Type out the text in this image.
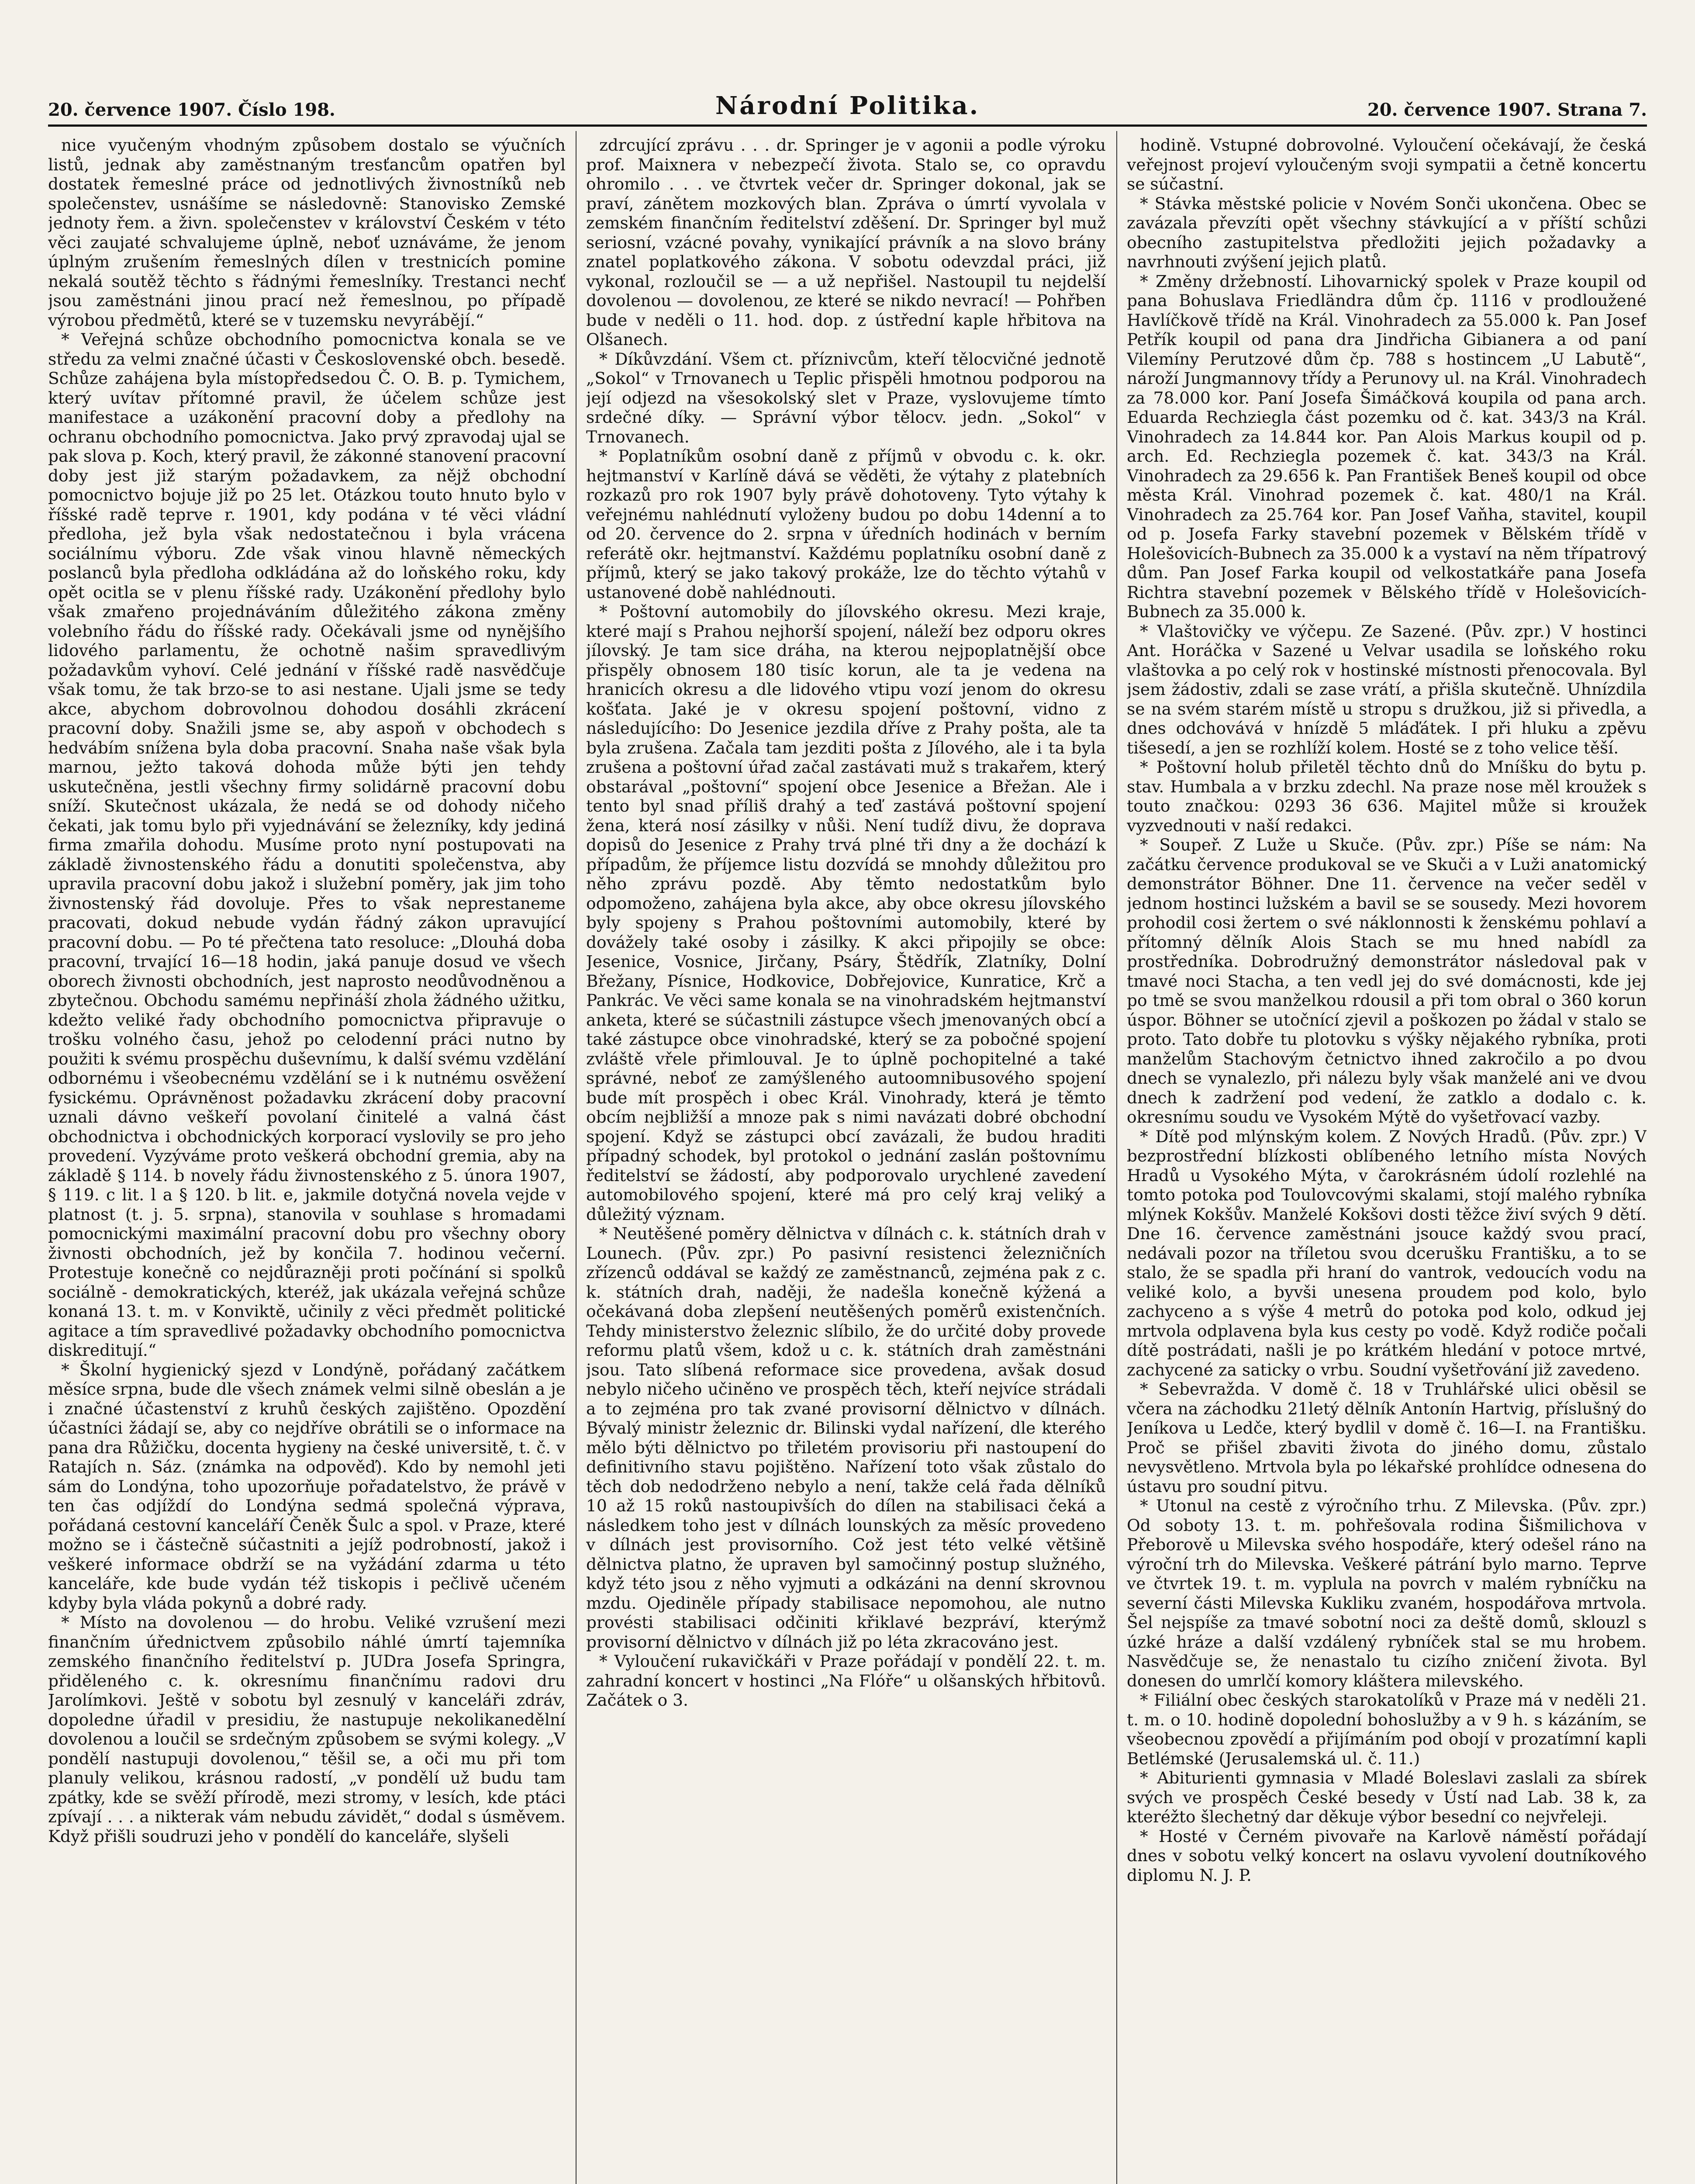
20. července 1907. Číslo 198.	Národní Politika.	20. července 1907. Strana 7.

nice vyučeným vhodným způsobem dostalo se výučních listů, jednak aby zaměstnaným tresťancům opatřen byl dostatek řemeslné práce od jednotlivých živnostníků neb společenstev, usnášíme se následovně: Stanovisko Zemské jednoty řem. a živn. společenstev v království Českém v této věci zaujaté schvalujeme úplně, neboť uznáváme, že jenom úplným zrušením řemeslných dílen v trestnicích pomine nekalá soutěž těchto s řádnými řemeslníky. Trestanci nechť jsou zaměstnáni jinou prací než řemeslnou, po případě výrobou předmětů, které se v tuzemsku nevyrábějí.“

* Veřejná schůze obchodního pomocnictva konala se ve středu za velmi značné účasti v Československé obch. besedě. Schůze zahájena byla místopředsedou Č. O. B. p. Tymichem, který uvítav přítomné pravil, že účelem schůze jest manifestace a uzákonění pracovní doby a předlohy na ochranu obchodního pomocnictva. Jako prvý zpravodaj ujal se pak slova p. Koch, který pravil, že zákonné stanovení pracovní doby jest již starým požadavkem, za nějž obchodní pomocnictvo bojuje již po 25 let. Otázkou touto hnuto bylo v říšské radě teprve r. 1901, kdy podána v té věci vládní předloha, jež byla však nedostatečnou i byla vrácena sociálnímu výboru. Zde však vinou hlavně německých poslanců byla předloha odkládána až do loňského roku, kdy opět ocitla se v plenu říšské rady. Uzákonění předlohy bylo však zmařeno projednáváním důležitého zákona změny volebního řádu do říšské rady. Očekávali jsme od nynějšího lidového parlamentu, že ochotně našim spravedlivým požadavkům vyhoví. Celé jednání v říšské radě nasvědčuje však tomu, že tak brzo-se to asi nestane. Ujali jsme se tedy akce, abychom dobrovolnou dohodou dosáhli zkrácení pracovní doby. Snažili jsme se, aby aspoň v obchodech s hedvábím snížena byla doba pracovní. Snaha naše však byla marnou, ježto taková dohoda může býti jen tehdy uskutečněna, jestli všechny firmy solidárně pracovní dobu sníží. Skutečnost ukázala, že nedá se od dohody ničeho čekati, jak tomu bylo při vyjednávání se železníky, kdy jediná firma zmařila dohodu. Musíme proto nyní postupovati na základě živnostenského řádu a donutiti společenstva, aby upravila pracovní dobu jakož i služební poměry, jak jim toho živnostenský řád dovoluje. Přes to však neprestaneme pracovati, dokud nebude vydán řádný zákon upravující pracovní dobu. — Po té přečtena tato resoluce: „Dlouhá doba pracovní, trvající 16—18 hodin, jaká panuje dosud ve všech oborech živnosti obchodních, jest naprosto neodůvodněnou a zbytečnou. Obchodu samému nepřináší zhola žádného užitku, kdežto veliké řady obchodního pomocnictva připravuje o trošku volného času, jehož po celodenní práci nutno by použiti k svému prospěchu duševnímu, k další svému vzdělání odbornému i všeobecnému vzdělání se i k nutnému osvěžení fysickému. Oprávněnost požadavku zkrácení doby pracovní uznali dávno veškeří povolaní činitelé a valná část obchodnictva i obchodnických korporací vyslovily se pro jeho provedení. Vyzýváme proto veškerá obchodní gremia, aby na základě § 114. b novely řádu živnostenského z 5. února 1907, § 119. c lit. l a § 120. b lit. e, jakmile dotyčná novela vejde v platnost (t. j. 5. srpna), stanovila v souhlase s hromadami pomocnickými maximální pracovní dobu pro všechny obory živnosti obchodních, jež by končila 7. hodinou večerní. Protestuje konečně co nejdůrazněji proti počínání si spolků sociálně - demokratických, kteréž, jak ukázala veřejná schůze konaná 13. t. m. v Konviktě, učinily z věci předmět politické agitace a tím spravedlivé požadavky obchodního pomocnictva diskreditují.“

* Školní hygienický sjezd v Londýně, pořádaný začátkem měsíce srpna, bude dle všech známek velmi silně obeslán a je i značné účastenství z kruhů českých zajištěno. Opozdění účastníci žádají se, aby co nejdříve obrátili se o informace na pana dra Růžičku, docenta hygieny na české universitě, t. č. v Ratajích n. Sáz. (známka na odpověď). Kdo by nemohl jeti sám do Londýna, toho upozorňuje pořadatelstvo, že právě v ten čas odjíždí do Londýna sedmá společná výprava, pořádaná cestovní kanceláří Čeněk Šulc a spol. v Praze, které možno se i částečně súčastniti a jejíž podrobností, jakož i veškeré informace obdrží se na vyžádání zdarma u této kanceláře, kde bude vydán též tiskopis i pečlivě učeném kdyby byla vláda pokynů a dobré rady.

* Místo na dovolenou — do hrobu. Veliké vzrušení mezi finančním úřednictvem způsobilo náhlé úmrtí tajemníka zemského finančního ředitelství p. JUDra Josefa Springra, přiděleného c. k. okresnímu finančnímu radovi dru Jarolímkovi. Ještě v sobotu byl zesnulý v kanceláři zdráv, dopoledne úřadil v presidiu, že nastupuje nekolikanedělní dovolenou a loučil se srdečným způsobem se svými kolegy. „V pondělí nastupuji dovolenou,“ těšil se, a oči mu při tom planuly velikou, krásnou radostí, „v pondělí už budu tam zpátky, kde se svěží přírodě, mezi stromy, v lesích, kde ptáci zpívají . . . a nikterak vám nebudu závidět,“ dodal s úsměvem. Když přišli soudruzi jeho v pondělí do kanceláře, slyšeli

zdrcující zprávu . . . dr. Springer je v agonii a podle výroku prof. Maixnera v nebezpečí života. Stalo se, co opravdu ohromilo . . . ve čtvrtek večer dr. Springer dokonal, jak se praví, zánětem mozkových blan. Zpráva o úmrtí vyvolala v zemském finančním ředitelství zděšení. Dr. Springer byl muž seriosní, vzácné povahy, vynikající právník a na slovo brány znatel poplatkového zákona. V sobotu odevzdal práci, již vykonal, rozloučil se — a už nepřišel. Nastoupil tu nejdelší dovolenou — dovolenou, ze které se nikdo nevrací! — Pohřben bude v neděli o 11. hod. dop. z ústřední kaple hřbitova na Olšanech.

* Díkůvzdání. Všem ct. příznivcům, kteří tělocvičné jednotě „Sokol“ v Trnovanech u Teplic přispěli hmotnou podporou na její odjezd na všesokolský slet v Praze, vyslovujeme tímto srdečné díky. — Správní výbor tělocv. jedn. „Sokol“ v Trnovanech.

* Poplatníkům osobní daně z příjmů v obvodu c. k. okr. hejtmanství v Karlíně dává se věděti, že výtahy z platebních rozkazů pro rok 1907 byly právě dohotoveny. Tyto výtahy k veřejnému nahlédnutí vyloženy budou po dobu 14denní a to od 20. července do 2. srpna v úředních hodinách v berním referátě okr. hejtmanství. Každému poplatníku osobní daně z příjmů, který se jako takový prokáže, lze do těchto výtahů v ustanovené době nahlédnouti.

* Poštovní automobily do jílovského okresu. Mezi kraje, které mají s Prahou nejhorší spojení, náleží bez odporu okres jílovský. Je tam sice dráha, na kterou nejpoplatnější obce přispěly obnosem 180 tisíc korun, ale ta je vedena na hranicích okresu a dle lidového vtipu vozí jenom do okresu košťata. Jaké je v okresu spojení poštovní, vidno z následujícího: Do Jesenice jezdila dříve z Prahy pošta, ale ta byla zrušena. Začala tam jezditi pošta z Jílového, ale i ta byla zrušena a poštovní úřad začal zastávati muž s trakařem, který obstarával „poštovní“ spojení obce Jesenice a Břežan. Ale i tento byl snad příliš drahý a teď zastává poštovní spojení žena, která nosí zásilky v nůši. Není tudíž divu, že doprava dopisů do Jesenice z Prahy trvá plné tři dny a že dochází k případům, že příjemce listu dozvídá se mnohdy důležitou pro něho zprávu pozdě. Aby těmto nedostatkům bylo odpomoženo, zahájena byla akce, aby obce okresu jílovského byly spojeny s Prahou poštovními automobily, které by dovážely také osoby i zásilky. K akci připojily se obce: Jesenice, Vosnice, Jirčany, Psáry, Štědřík, Zlatníky, Dolní Břežany, Písnice, Hodkovice, Dobřejovice, Kunratice, Krč a Pankrác. Ve věci same konala se na vinohradském hejtmanství anketa, které se súčastnili zástupce všech jmenovaných obcí a také zástupce obce vinohradské, který se za pobočné spojení zvláště vřele přimlouval. Je to úplně pochopitelné a také správné, neboť ze zamýšleného autoomnibusového spojení bude mít prospěch i obec Král. Vinohrady, která je těmto obcím nejbližší a mnoze pak s nimi navázati dobré obchodní spojení. Když se zástupci obcí zavázali, že budou hraditi případný schodek, byl protokol o jednání zaslán poštovnímu ředitelství se žádostí, aby podporovalo urychlené zavedení automobilového spojení, které má pro celý kraj veliký a důležitý význam.

* Neutěšené poměry dělnictva v dílnách c. k. státních drah v Lounech. (Pův. zpr.) Po pasivní resistenci železničních zřízenců oddával se každý ze zaměstnanců, zejména pak z c. k. státních drah, naději, že nadešla konečně kýžená a očekávaná doba zlepšení neutěšených poměrů existenčních. Tehdy ministerstvo železnic slíbilo, že do určité doby provede reformu platů všem, kdož u c. k. státních drah zaměstnáni jsou. Tato slíbená reformace sice provedena, avšak dosud nebylo ničeho učiněno ve prospěch těch, kteří nejvíce strádali a to zejména pro tak zvané provisorní dělnictvo v dílnách. Bývalý ministr železnic dr. Bilinski vydal nařízení, dle kterého mělo býti dělnictvo po třiletém provisoriu při nastoupení do definitivního stavu pojištěno. Nařízení toto však zůstalo do těch dob nedodrženo nebylo a není, takže celá řada dělníků 10 až 15 roků nastoupivších do dílen na stabilisaci čeká a následkem toho jest v dílnách lounských za měsíc provedeno v dílnách jest provisorního. Což jest této velké většině dělnictva platno, že upraven byl samočinný postup služného, když této jsou z něho vyjmuti a odkázáni na denní skrovnou mzdu. Ojediněle případy stabilisace nepomohou, ale nutno provésti stabilisaci odčiniti křiklavé bezpráví, kterýmž provisorní dělnictvo v dílnách již po léta zkracováno jest.

* Vyloučení rukavičkáři v Praze pořádají v pondělí 22. t. m. zahradní koncert v hostinci „Na Flóře“ u olšanských hřbitovů. Začátek o 3.

hodině. Vstupné dobrovolné. Vyloučení očekávají, že česká veřejnost projeví vyloučeným svoji sympatii a četně koncertu se súčastní.

* Stávka městské policie v Novém Sonči ukončena. Obec se zavázala převzíti opět všechny stávkující a v příští schůzi obecního zastupitelstva předložiti jejich požadavky a navrhnouti zvýšení jejich platů.

* Změny držebností. Lihovarnický spolek v Praze koupil od pana Bohuslava Friedländra dům čp. 1116 v prodloužené Havlíčkově třídě na Král. Vinohradech za 55.000 k. Pan Josef Petřík koupil od pana dra Jindřicha Gibianera a od paní Vilemíny Perutzové dům čp. 788 s hostincem „U Labutě“, nároží Jungmannovy třídy a Perunovy ul. na Král. Vinohradech za 78.000 kor. Paní Josefa Šimáčková koupila od pana arch. Eduarda Rechziegla část pozemku od č. kat. 343/3 na Král. Vinohradech za 14.844 kor. Pan Alois Markus koupil od p. arch. Ed. Rechziegla pozemek č. kat. 343/3 na Král. Vinohradech za 29.656 k. Pan František Beneš koupil od obce města Král. Vinohrad pozemek č. kat. 480/1 na Král. Vinohradech za 25.764 kor. Pan Josef Vaňha, stavitel, koupil od p. Josefa Farky stavební pozemek v Bělském třídě v Holešovicích-Bubnech za 35.000 k a vystaví na něm třípatrový dům. Pan Josef Farka koupil od velkostatkáře pana Josefa Richtra stavební pozemek v Bělského třídě v Holešovicích-Bubnech za 35.000 k.

* Vlaštovičky ve výčepu. Ze Sazené. (Pův. zpr.) V hostinci Ant. Horáčka v Sazené u Velvar usadila se loňského roku vlaštovka a po celý rok v hostinské místnosti přenocovala. Byl jsem žádostiv, zdali se zase vrátí, a přišla skutečně. Uhnízdila se na svém starém místě u stropu s družkou, již si přivedla, a dnes odchovává v hnízdě 5 mláďátek. I při hluku a zpěvu tišesedí, a jen se rozhlíží kolem. Hosté se z toho velice těší.

* Poštovní holub přiletěl těchto dnů do Mníšku do bytu p. stav. Humbala a v brzku zdechl. Na praze nose měl kroužek s touto značkou: 0293 36 636. Majitel může si kroužek vyzvednouti v naší redakci.

* Soupeř. Z Luže u Skuče. (Pův. zpr.) Píše se nám: Na začátku července produkoval se ve Skuči a v Luži anatomický demonstrátor Böhner. Dne 11. července na večer seděl v jednom hostinci lužském a bavil se se sousedy. Mezi hovorem prohodil cosi žertem o své náklonnosti k ženskému pohlaví a přítomný dělník Alois Stach se mu hned nabídl za prostředníka. Dobrodružný demonstrátor následoval pak v tmavé noci Stacha, a ten vedl jej do své domácnosti, kde jej po tmě se svou manželkou rdousil a při tom obral o 360 korun úspor. Böhner se utočnící zjevil a poškozen po žádal v stalo se proto. Tato dobře tu plotovku s výšky nějakého rybníka, proti manželům Stachovým četnictvo ihned zakročilo a po dvou dnech se vynalezlo, při nálezu byly však manželé ani ve dvou dnech k zadržení pod vedení, že zatklo a dodalo c. k. okresnímu soudu ve Vysokém Mýtě do vyšetřovací vazby.

* Dítě pod mlýnským kolem. Z Nových Hradů. (Pův. zpr.) V bezprostřední blízkosti oblíbeného letního místa Nových Hradů u Vysokého Mýta, v čarokrásném údolí rozlehlé na tomto potoka pod Toulovcovými skalami, stojí malého rybníka mlýnek Kokšův. Manželé Kokšovi dosti těžce živí svých 9 dětí. Dne 16. července zaměstnáni jsouce každý svou prací, nedávali pozor na tříletou svou dcerušku Františku, a to se stalo, že se spadla při hraní do vantrok, vedoucích vodu na veliké kolo, a byvši unesena proudem pod kolo, bylo zachyceno a s výše 4 metrů do potoka pod kolo, odkud jej mrtvola odplavena byla kus cesty po vodě. Když rodiče počali dítě postrádati, našli je po krátkém hledání v potoce mrtvé, zachycené za saticky o vrbu. Soudní vyšetřování již zavedeno.

* Sebevražda. V domě č. 18 v Truhlářské ulici oběsil se včera na záchodku 21letý dělník Antonín Hartvig, příslušný do Jeníkova u Ledče, který bydlil v domě č. 16—I. na Františku. Proč se přišel zbaviti života do jiného domu, zůstalo nevysvětleno. Mrtvola byla po lékařské prohlídce odnesena do ústavu pro soudní pitvu.

* Utonul na cestě z výročního trhu. Z Milevska. (Pův. zpr.) Od soboty 13. t. m. pohřešovala rodina Šišmilichova v Přeborově u Milevska svého hospodáře, který odešel ráno na výroční trh do Milevska. Veškeré pátrání bylo marno. Teprve ve čtvrtek 19. t. m. vyplula na povrch v malém rybníčku na severní části Milevska Kukliku zvaném, hospodářova mrtvola. Šel nejspíše za tmavé sobotní noci za deště domů, sklouzl s úzké hráze a další vzdálený rybníček stal se mu hrobem. Nasvědčuje se, že nenastalo tu cizího zničení života. Byl donesen do umrlčí komory kláštera milevského.

* Filiální obec českých starokatolíků v Praze má v neděli 21. t. m. o 10. hodině dopolední bohoslužby a v 9 h. s kázáním, se všeobecnou zpovědí a přijímáním pod obojí v prozatímní kapli Betlémské (Jerusalemská ul. č. 11.)

* Abiturienti gymnasia v Mladé Boleslavi zaslali za sbírek svých ve prospěch České besedy v Ústí nad Lab. 38 k, za kteréžto šlechetný dar děkuje výbor besední co nejvřeleji.

* Hosté v Černém pivovaře na Karlově náměstí pořádají dnes v sobotu velký koncert na oslavu vyvolení doutníkového diplomu N. J. P.
